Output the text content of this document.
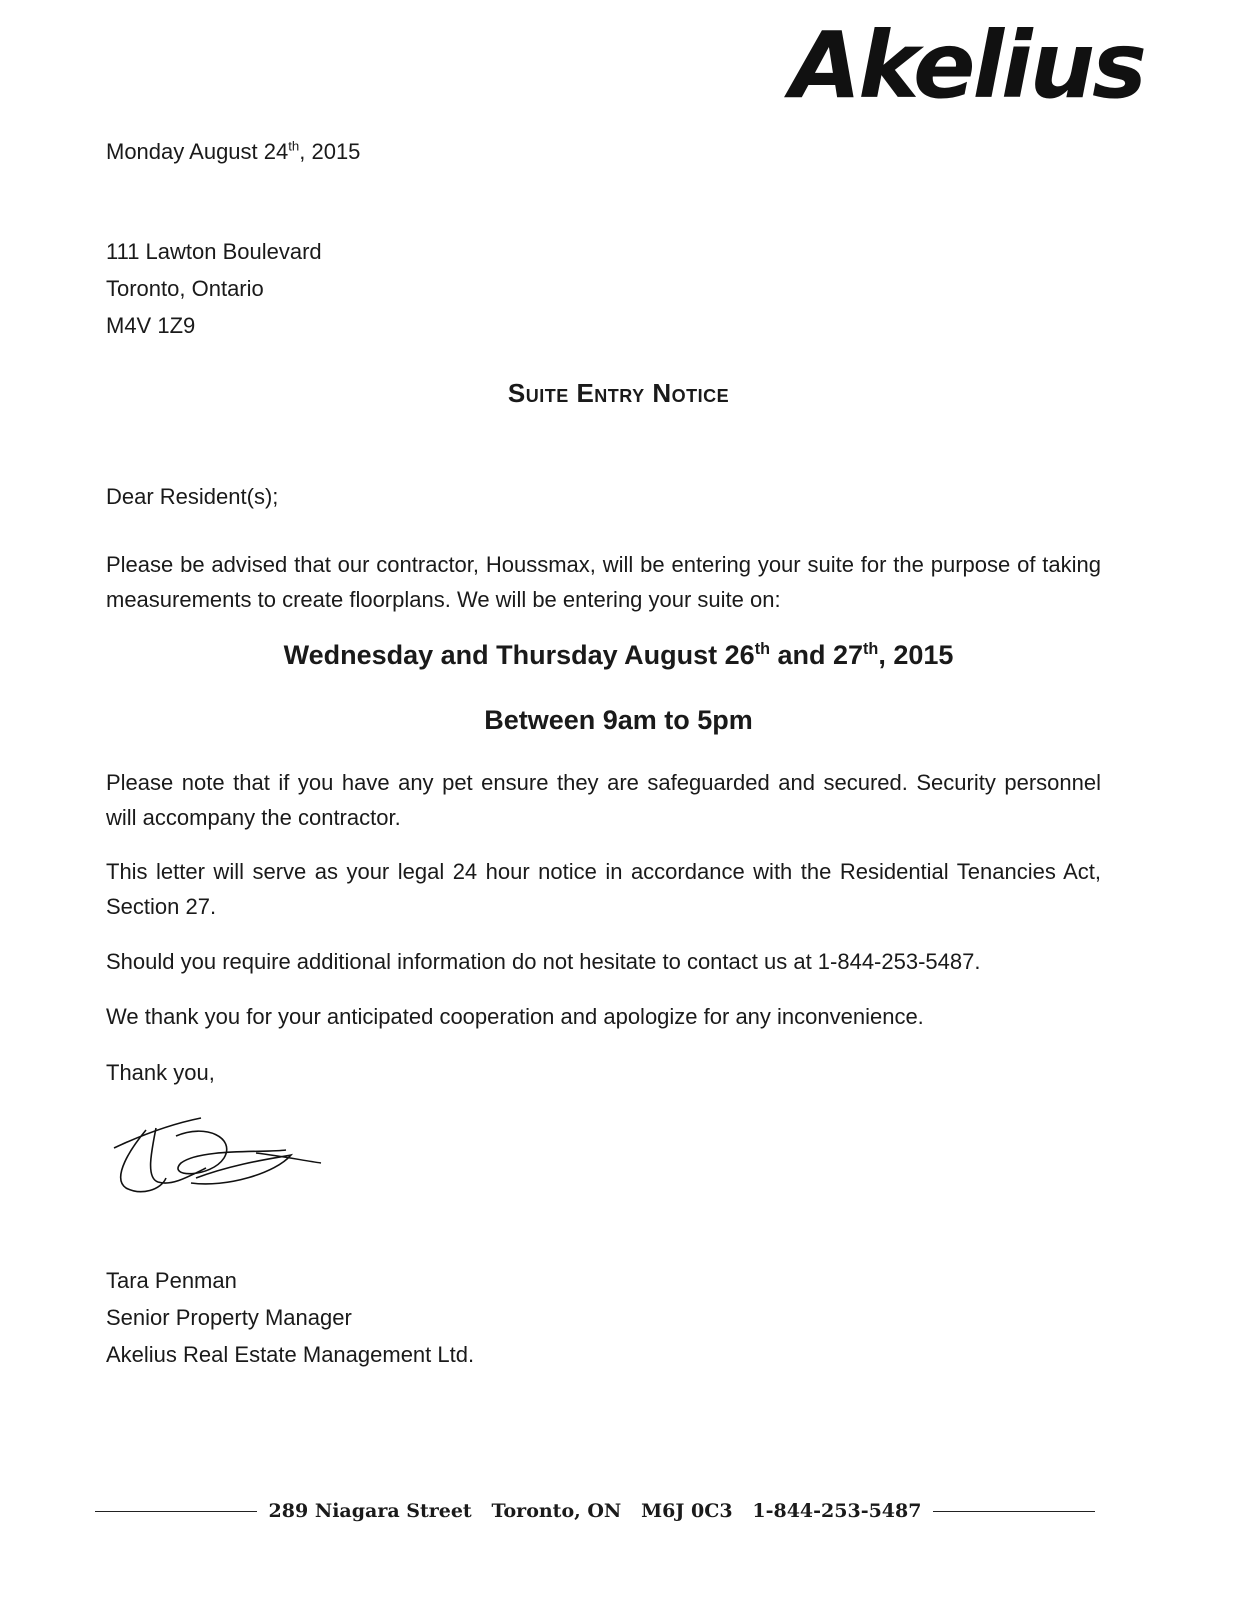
Akelius
Monday August 24th, 2015
111 Lawton Boulevard
Toronto, Ontario
M4V 1Z9
Suite Entry Notice
Dear Resident(s);
Please be advised that our contractor, Houssmax, will be entering your suite for the purpose of taking measurements to create floorplans. We will be entering your suite on:
Wednesday and Thursday August 26th and 27th, 2015
Between 9am to 5pm
Please note that if you have any pet ensure they are safeguarded and secured. Security personnel will accompany the contractor.
This letter will serve as your legal 24 hour notice in accordance with the Residential Tenancies Act, Section 27.
Should you require additional information do not hesitate to contact us at 1-844-253-5487.
We thank you for your anticipated cooperation and apologize for any inconvenience.
Thank you,
Tara Penman
Senior Property Manager
Akelius Real Estate Management Ltd.
289 Niagara Street   Toronto, ON   M6J 0C3   1-844-253-5487
